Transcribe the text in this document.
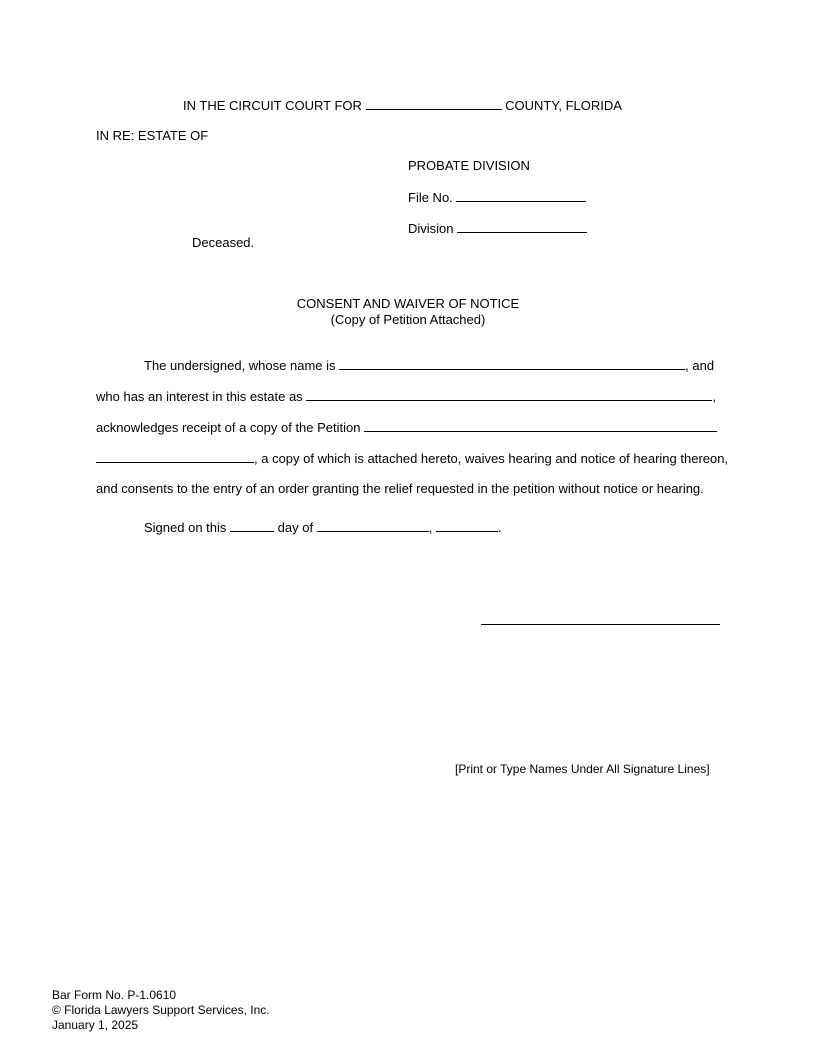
IN THE CIRCUIT COURT FOR	COUNTY, FLORIDA
IN RE: ESTATE OF
PROBATE DIVISION
File No.
Division
Deceased.
CONSENT AND WAIVER OF NOTICE
(Copy of Petition Attached)
The undersigned, whose name is	, and
who has an interest in this estate as	,
acknowledges receipt of a copy of the Petition
, a copy of which is attached hereto, waives hearing and notice of hearing thereon,
and consents to the entry of an order granting the relief requested in the petition without notice or hearing.
Signed on this	day of	,	.
[Print or Type Names Under All Signature Lines]
Bar Form No. P-1.0610
© Florida Lawyers Support Services, Inc.
January 1, 2025
